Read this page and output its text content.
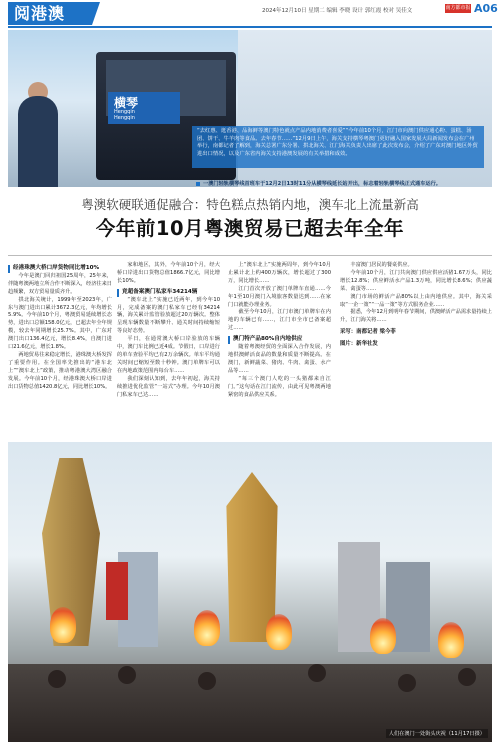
阅港澳	2024年12月10日 星期二 编辑 李晓 设计 郭红霞 校对 吴佳文	南方都市报 A06
横琴
Hengqin
Hengqin
“去红惠、逛香港、品海鲜等澳门特色就点产品内地消费者喜爱”“今年前10个月，江门市向澳门供应通心粉、蛋糕、汤团、饼干、牛羊肉等食品。去年春节……”12月9日上午，海关支持横琴粤澳门更好融入国家发展大局新闻发布会在广州举行，南都记者了解到，海关总署广东分署、拱北海关、江门海关负责人出席了此次发布会，介绍了广东对澳门地区外贸进出口情况，以及广东省内海关支持港澳发展的有关举措和成效。
一澳门轻轨横琴线首班车于12月2日13时11分从横琴线延长站开出，标志着轻轨横琴线正式通车运行。
粤澳软硬联通促融合：特色糕点热销内地，澳车北上流量新高
今年前10月粤澳贸易已超去年全年

经港珠澳大桥口岸货物同比增10%

今年是澳门回归祖国25周年，25年来，伴随粤澳两地立所合作不断深入，经济往来日趋频繁，双方贸易量质齐升。

拱北海关统计，1999年至2023年，广东与澳门进出口累计3672.3亿元，年均增长5.9%。今年前10个月，粤澳贸易延续增长态势，进出口总额158.0亿元，已超去年全年规模，较去年同期增长25.7%。其中，广东对澳门出口136.4亿元，增长8.4%，自澳门进口21.6亿元，增长1.8%。

两地贸易往来稳定增长，港珠澳大桥发挥了重要作用。在全国率先推出的“港车北上”“澳车北上”政策，推动粤港澳大湾区融合发展。今年前10个月，经港珠澳大桥口岸进出口货物总值1420.8亿元，同比增长10%。

家和地区，其外，今年前10个月，经大桥口岸进出口货物总值1866.7亿元，同比增长10%。

竞超备案澳门私家车34214辆

“澳车北上”实施已近两年，到今年10月，完成备案的澳门私家车已经有34214辆，海关累计监管验放超过20万辆次。整体呈现车辆数量不断攀升、通关时间持续缩短等良好态势。

平日，在通常澳大桥口岸验放的车辆中，澳门车比例已近4成。节假日，口岸进行的单车查验平均已有2万余辆次。单车平均通关时间已缩短至数十秒钟。澳门单牌车可以在内地政策范围内每台车……

我们深刻认知到，去年年初起，海关持续推进优化监管“一站式”办理。今年10月澳门私家车已达……

上“澳车北上”实施两周年，到今年10月止累计北上约400万辆次，增长超过了300万，同比增长……

江门首次开放了澳门单牌车直通……今年1至10月澳门入境旅客数量达到……在家门口就能办理业务。

截至今年10月，江门市澳门单牌车在内地的车辆已有……，江门市全市已备案超过……

澳门特产品80%自内地供应

随着粤澳经贸的全面深入合作发展，内地供澳鲜活食品的数量和质量不断提高。在澳门，新鲜蔬菜、猪肉、牛肉、禽蛋、水产品等……

“每三个澳门人吃的一头猪都来自江门。”这句话在江门流传，由此可见粤澳两地紧密的食品供应关系。

丰富澳门居民的餐桌供应。

今年前10个月，江门共向澳门供应供应活猪1.67万头，同比增长12.8%；供应鲜活水产品1.3万吨，同比增长8.6%；供应蔬菜、禽蛋等……

澳门市场的鲜活产品80%以上由内地供应。其中，海关采取“一企一策”“一品一策”等方式服务企业……

据悉，今年12月到明年春节期间，供澳鲜活产品需求量持续上升，江门海关将……

采写：南都记者 梁今菲

图片：新华社发

人们在澳门一处街头庆祝（11月17日摄）
